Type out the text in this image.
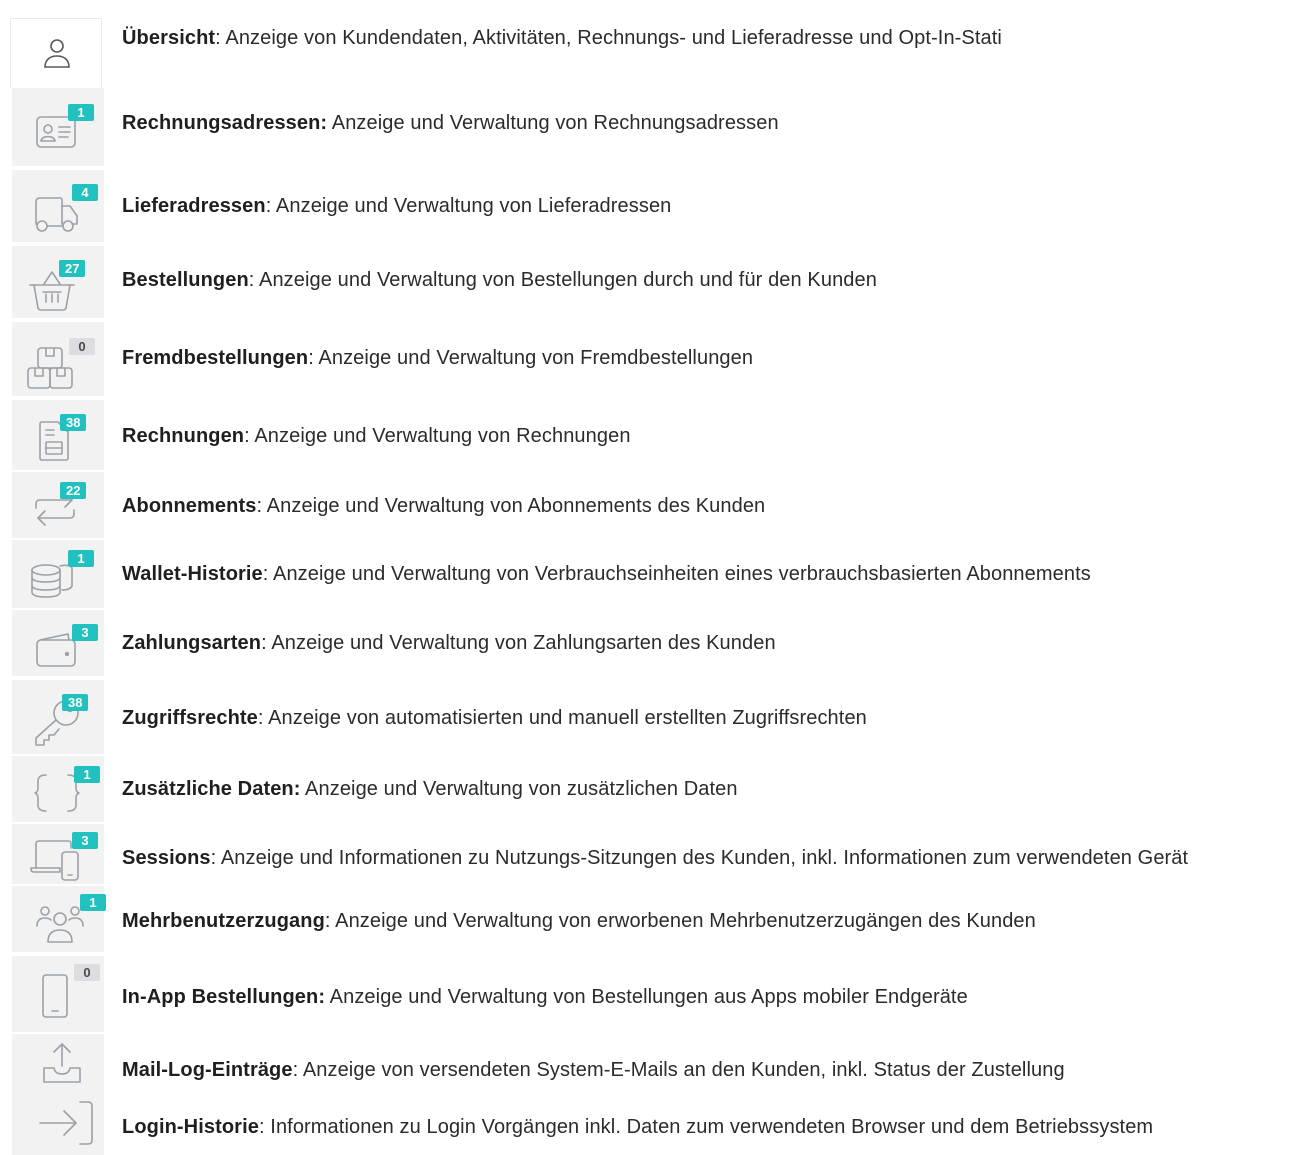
Übersicht: Anzeige von Kundendaten, Aktivitäten, Rechnungs- und Lieferadresse und Opt-In-Stati
1	Rechnungsadressen: Anzeige und Verwaltung von Rechnungsadressen
4
Lieferadressen: Anzeige und Verwaltung von Lieferadressen
27
Bestellungen: Anzeige und Verwaltung von Bestellungen durch und für den Kunden
0
Fremdbestellungen: Anzeige und Verwaltung von Fremdbestellungen
38
Rechnungen: Anzeige und Verwaltung von Rechnungen
22
Abonnements: Anzeige und Verwaltung von Abonnements des Kunden
1
Wallet-Historie: Anzeige und Verwaltung von Verbrauchseinheiten eines verbrauchsbasierten Abonnements
3	Zahlungsarten: Anzeige und Verwaltung von Zahlungsarten des Kunden
38
Zugriffsrechte: Anzeige von automatisierten und manuell erstellten Zugriffsrechten
1
Zusätzliche Daten: Anzeige und Verwaltung von zusätzlichen Daten
3
Sessions: Anzeige und Informationen zu Nutzungs-Sitzungen des Kunden, inkl. Informationen zum verwendeten Gerät
1
Mehrbenutzerzugang: Anzeige und Verwaltung von erworbenen Mehrbenutzerzugängen des Kunden
0
In-App Bestellungen: Anzeige und Verwaltung von Bestellungen aus Apps mobiler Endgeräte
Mail-Log-Einträge: Anzeige von versendeten System-E-Mails an den Kunden, inkl. Status der Zustellung
Login-Historie: Informationen zu Login Vorgängen inkl. Daten zum verwendeten Browser und dem Betriebssystem
